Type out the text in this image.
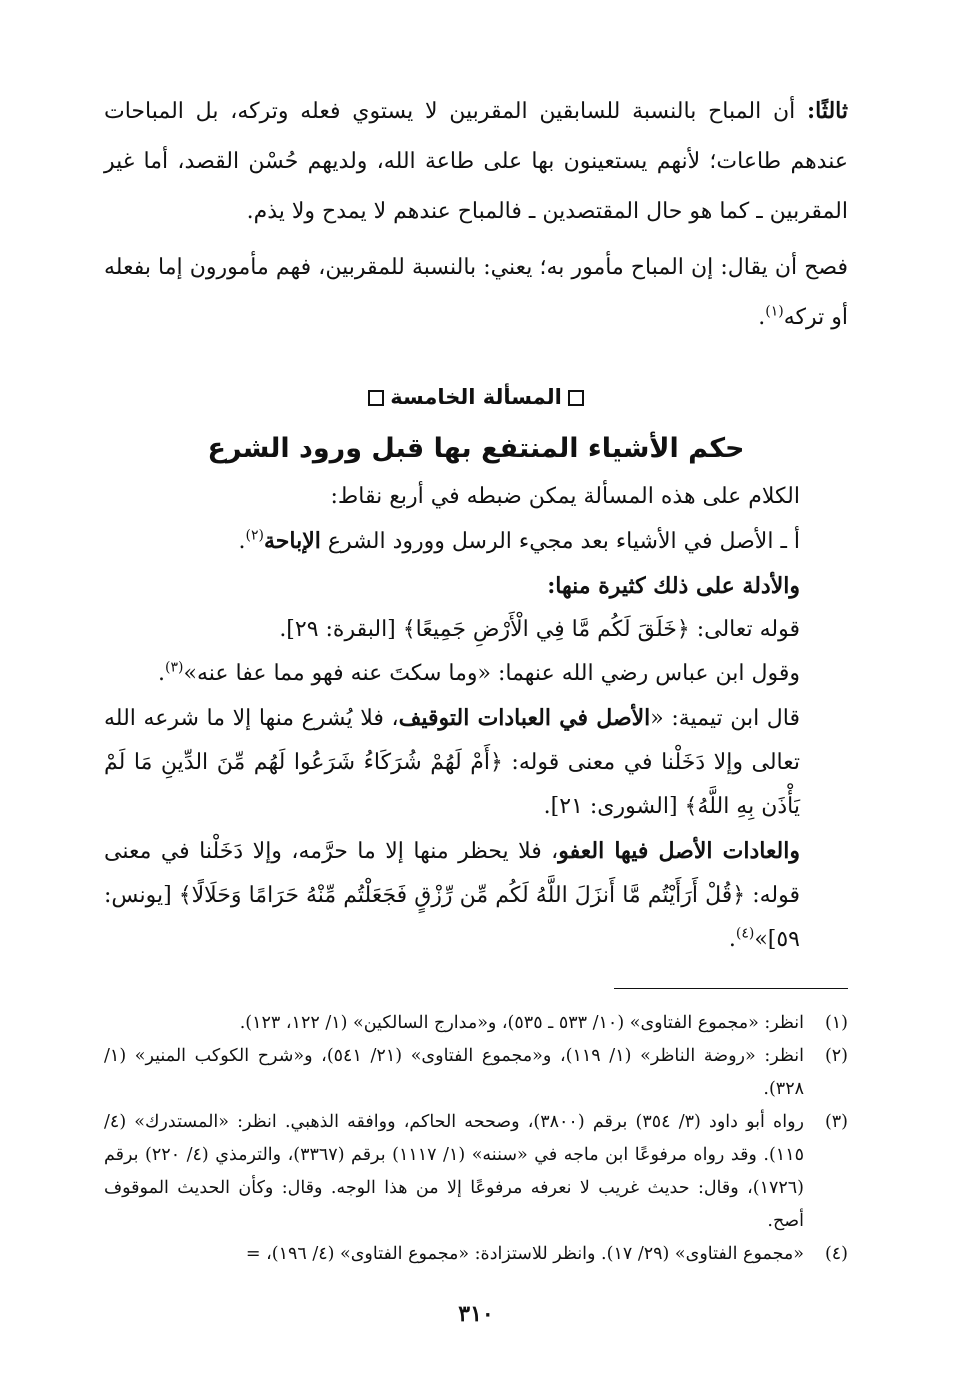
ثالثًا: أن المباح بالنسبة للسابقين المقربين لا يستوي فعله وتركه، بل المباحات عندهم طاعات؛ لأنهم يستعينون بها على طاعة الله، ولديهم حُسْن القصد، أما غير المقربين ـ كما هو حال المقتصدين ـ فالمباح عندهم لا يمدح ولا يذم.

فصح أن يقال: إن المباح مأمور به؛ يعني: بالنسبة للمقربين، فهم مأمورون إما بفعله أو تركه$^{(١)}$.

المسألة الخامسة
حكم الأشياء المنتفع بها قبل ورود الشرع

الكلام على هذه المسألة يمكن ضبطه في أربع نقاط:

أ ـ الأصل في الأشياء بعد مجيء الرسل وورود الشرع الإباحة$^{(٢)}$.

والأدلة على ذلك كثيرة منها:

قوله تعالى: ﴿خَلَقَ لَكُم مَّا فِي الْأَرْضِ جَمِيعًا﴾ [البقرة: ٢٩].

وقول ابن عباس رضي الله عنهما: «وما سكتَ عنه فهو مما عفا عنه»$^{(٣)}$.

قال ابن تيمية: «الأصل في العبادات التوقيف، فلا يُشرع منها إلا ما شرعه الله تعالى وإلا دَخَلْنا في معنى قوله: ﴿أَمْ لَهُمْ شُرَكَاءُ شَرَعُوا لَهُم مِّنَ الدِّينِ مَا لَمْ يَأْذَن بِهِ اللَّهُ﴾ [الشورى: ٢١].

والعادات الأصل فيها العفو، فلا يحظر منها إلا ما حرَّمه، وإلا دَخَلْنا في معنى قوله: ﴿قُلْ أَرَأَيْتُم مَّا أَنزَلَ اللَّهُ لَكُم مِّن رِّزْقٍ فَجَعَلْتُم مِّنْهُ حَرَامًا وَحَلَالًا﴾ [يونس: ٥٩]»$^{(٤)}$.

(١)
انظر: «مجموع الفتاوى» (١٠/ ٥٣٣ ـ ٥٣٥)، و«مدارج السالكين» (١/ ١٢٢، ١٢٣).
(٢)
انظر: «روضة الناظر» (١/ ١١٩)، و«مجموع الفتاوى» (٢١/ ٥٤١)، و«شرح الكوكب المنير» (١/ ٣٢٨).
(٣)
رواه أبو داود (٣/ ٣٥٤) برقم (٣٨٠٠)، وصححه الحاكم، ووافقه الذهبي. انظر: «المستدرك» (٤/ ١١٥). وقد رواه مرفوعًا ابن ماجه في «سننه» (١/ ١١١٧) برقم (٣٣٦٧)، والترمذي (٤/ ٢٢٠) برقم (١٧٢٦)، وقال: حديث غريب لا نعرفه مرفوعًا إلا من هذا الوجه. وقال: وكأن الحديث الموقوف أصح.
(٤)
«مجموع الفتاوى» (٢٩/ ١٧). وانظر للاستزادة: «مجموع الفتاوى» (٤/ ١٩٦)، =
٣١٠
